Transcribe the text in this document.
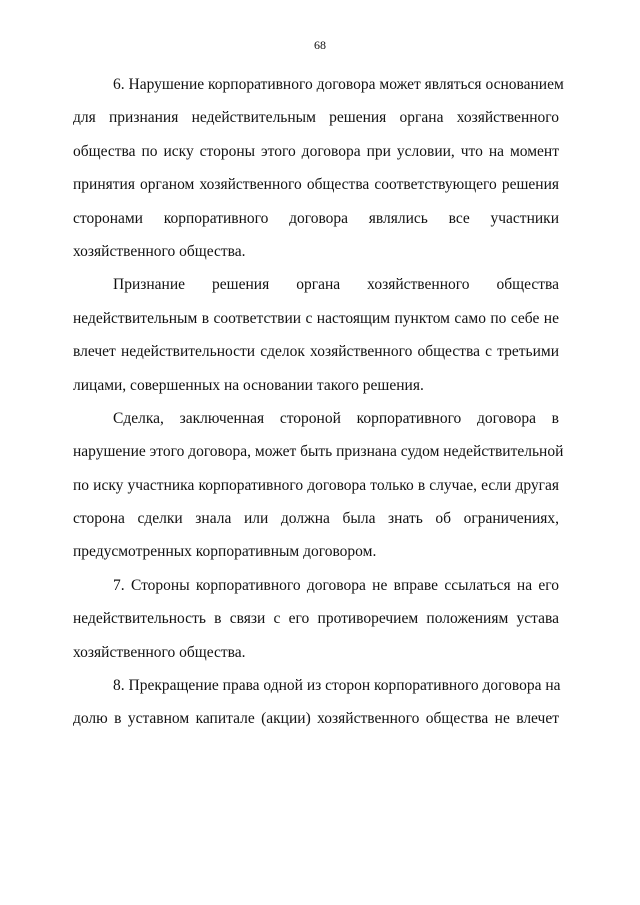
68
6. Нарушение корпоративного договора может являться основанием
для признания недействительным решения органа хозяйственного
общества по иску стороны этого договора при условии, что на момент
принятия органом хозяйственного общества соответствующего решения
сторонами корпоративного договора являлись все участники
хозяйственного общества.
Признание решения органа хозяйственного общества
недействительным в соответствии с настоящим пунктом само по себе не
влечет недействительности сделок хозяйственного общества с третьими
лицами, совершенных на основании такого решения.
Сделка, заключенная стороной корпоративного договора в
нарушение этого договора, может быть признана судом недействительной
по иску участника корпоративного договора только в случае, если другая
сторона сделки знала или должна была знать об ограничениях,
предусмотренных корпоративным договором.
7. Стороны корпоративного договора не вправе ссылаться на его
недействительность в связи с его противоречием положениям устава
хозяйственного общества.
8. Прекращение права одной из сторон корпоративного договора на
долю в уставном капитале (акции) хозяйственного общества не влечет
